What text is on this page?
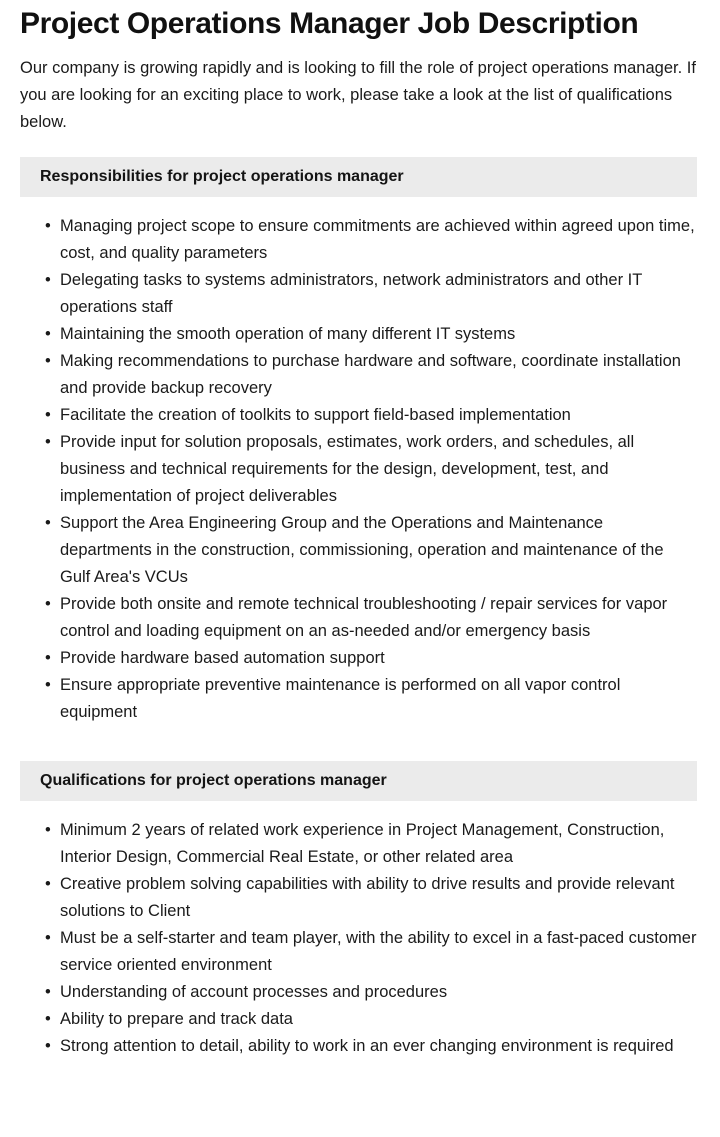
Project Operations Manager Job Description

Our company is growing rapidly and is looking to fill the role of project operations manager. If you are looking for an exciting place to work, please take a look at the list of qualifications below.

Responsibilities for project operations manager
• Managing project scope to ensure commitments are achieved within agreed upon time, cost, and quality parameters
• Delegating tasks to systems administrators, network administrators and other IT operations staff
• Maintaining the smooth operation of many different IT systems
• Making recommendations to purchase hardware and software, coordinate installation and provide backup recovery
• Facilitate the creation of toolkits to support field-based implementation
• Provide input for solution proposals, estimates, work orders, and schedules, all business and technical requirements for the design, development, test, and implementation of project deliverables
• Support the Area Engineering Group and the Operations and Maintenance departments in the construction, commissioning, operation and maintenance of the Gulf Area's VCUs
• Provide both onsite and remote technical troubleshooting / repair services for vapor control and loading equipment on an as-needed and/or emergency basis
• Provide hardware based automation support
• Ensure appropriate preventive maintenance is performed on all vapor control equipment
Qualifications for project operations manager
• Minimum 2 years of related work experience in Project Management, Construction, Interior Design, Commercial Real Estate, or other related area
• Creative problem solving capabilities with ability to drive results and provide relevant solutions to Client
• Must be a self-starter and team player, with the ability to excel in a fast-paced customer service oriented environment
• Understanding of account processes and procedures
• Ability to prepare and track data
• Strong attention to detail, ability to work in an ever changing environment is required
